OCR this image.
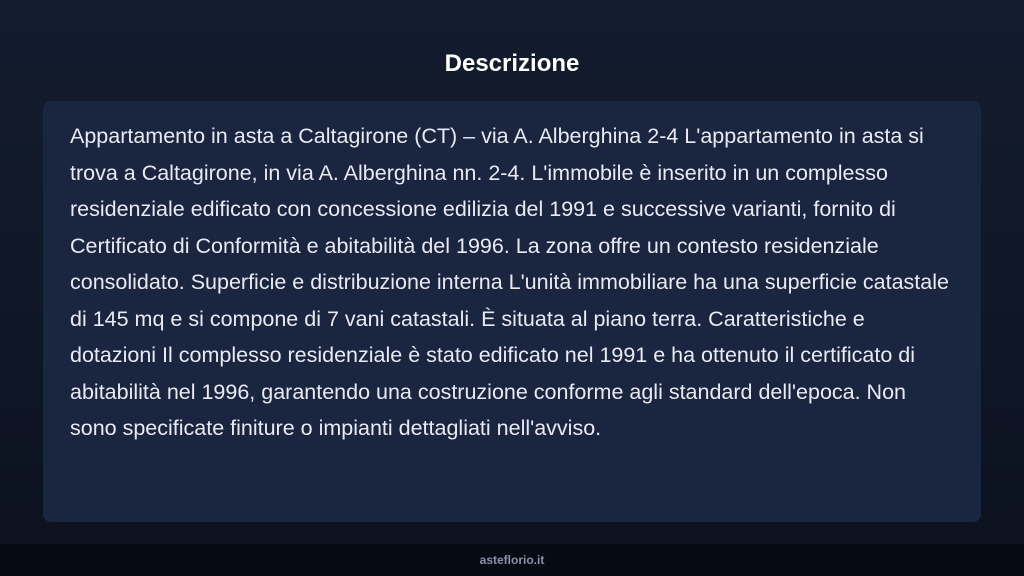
Descrizione

Appartamento in asta a Caltagirone (CT) – via A. Alberghina 2-4 L'appartamento in asta si trova a Caltagirone, in via A. Alberghina nn. 2-4. L'immobile è inserito in un complesso residenziale edificato con concessione edilizia del 1991 e successive varianti, fornito di Certificato di Conformità e abitabilità del 1996. La zona offre un contesto residenziale consolidato. Superficie e distribuzione interna L'unità immobiliare ha una superficie catastale di 145 mq e si compone di 7 vani catastali. È situata al piano terra. Caratteristiche e dotazioni Il complesso residenziale è stato edificato nel 1991 e ha ottenuto il certificato di abitabilità nel 1996, garantendo una costruzione conforme agli standard dell'epoca. Non sono specificate finiture o impianti dettagliati nell'avviso.

asteflorio.it
